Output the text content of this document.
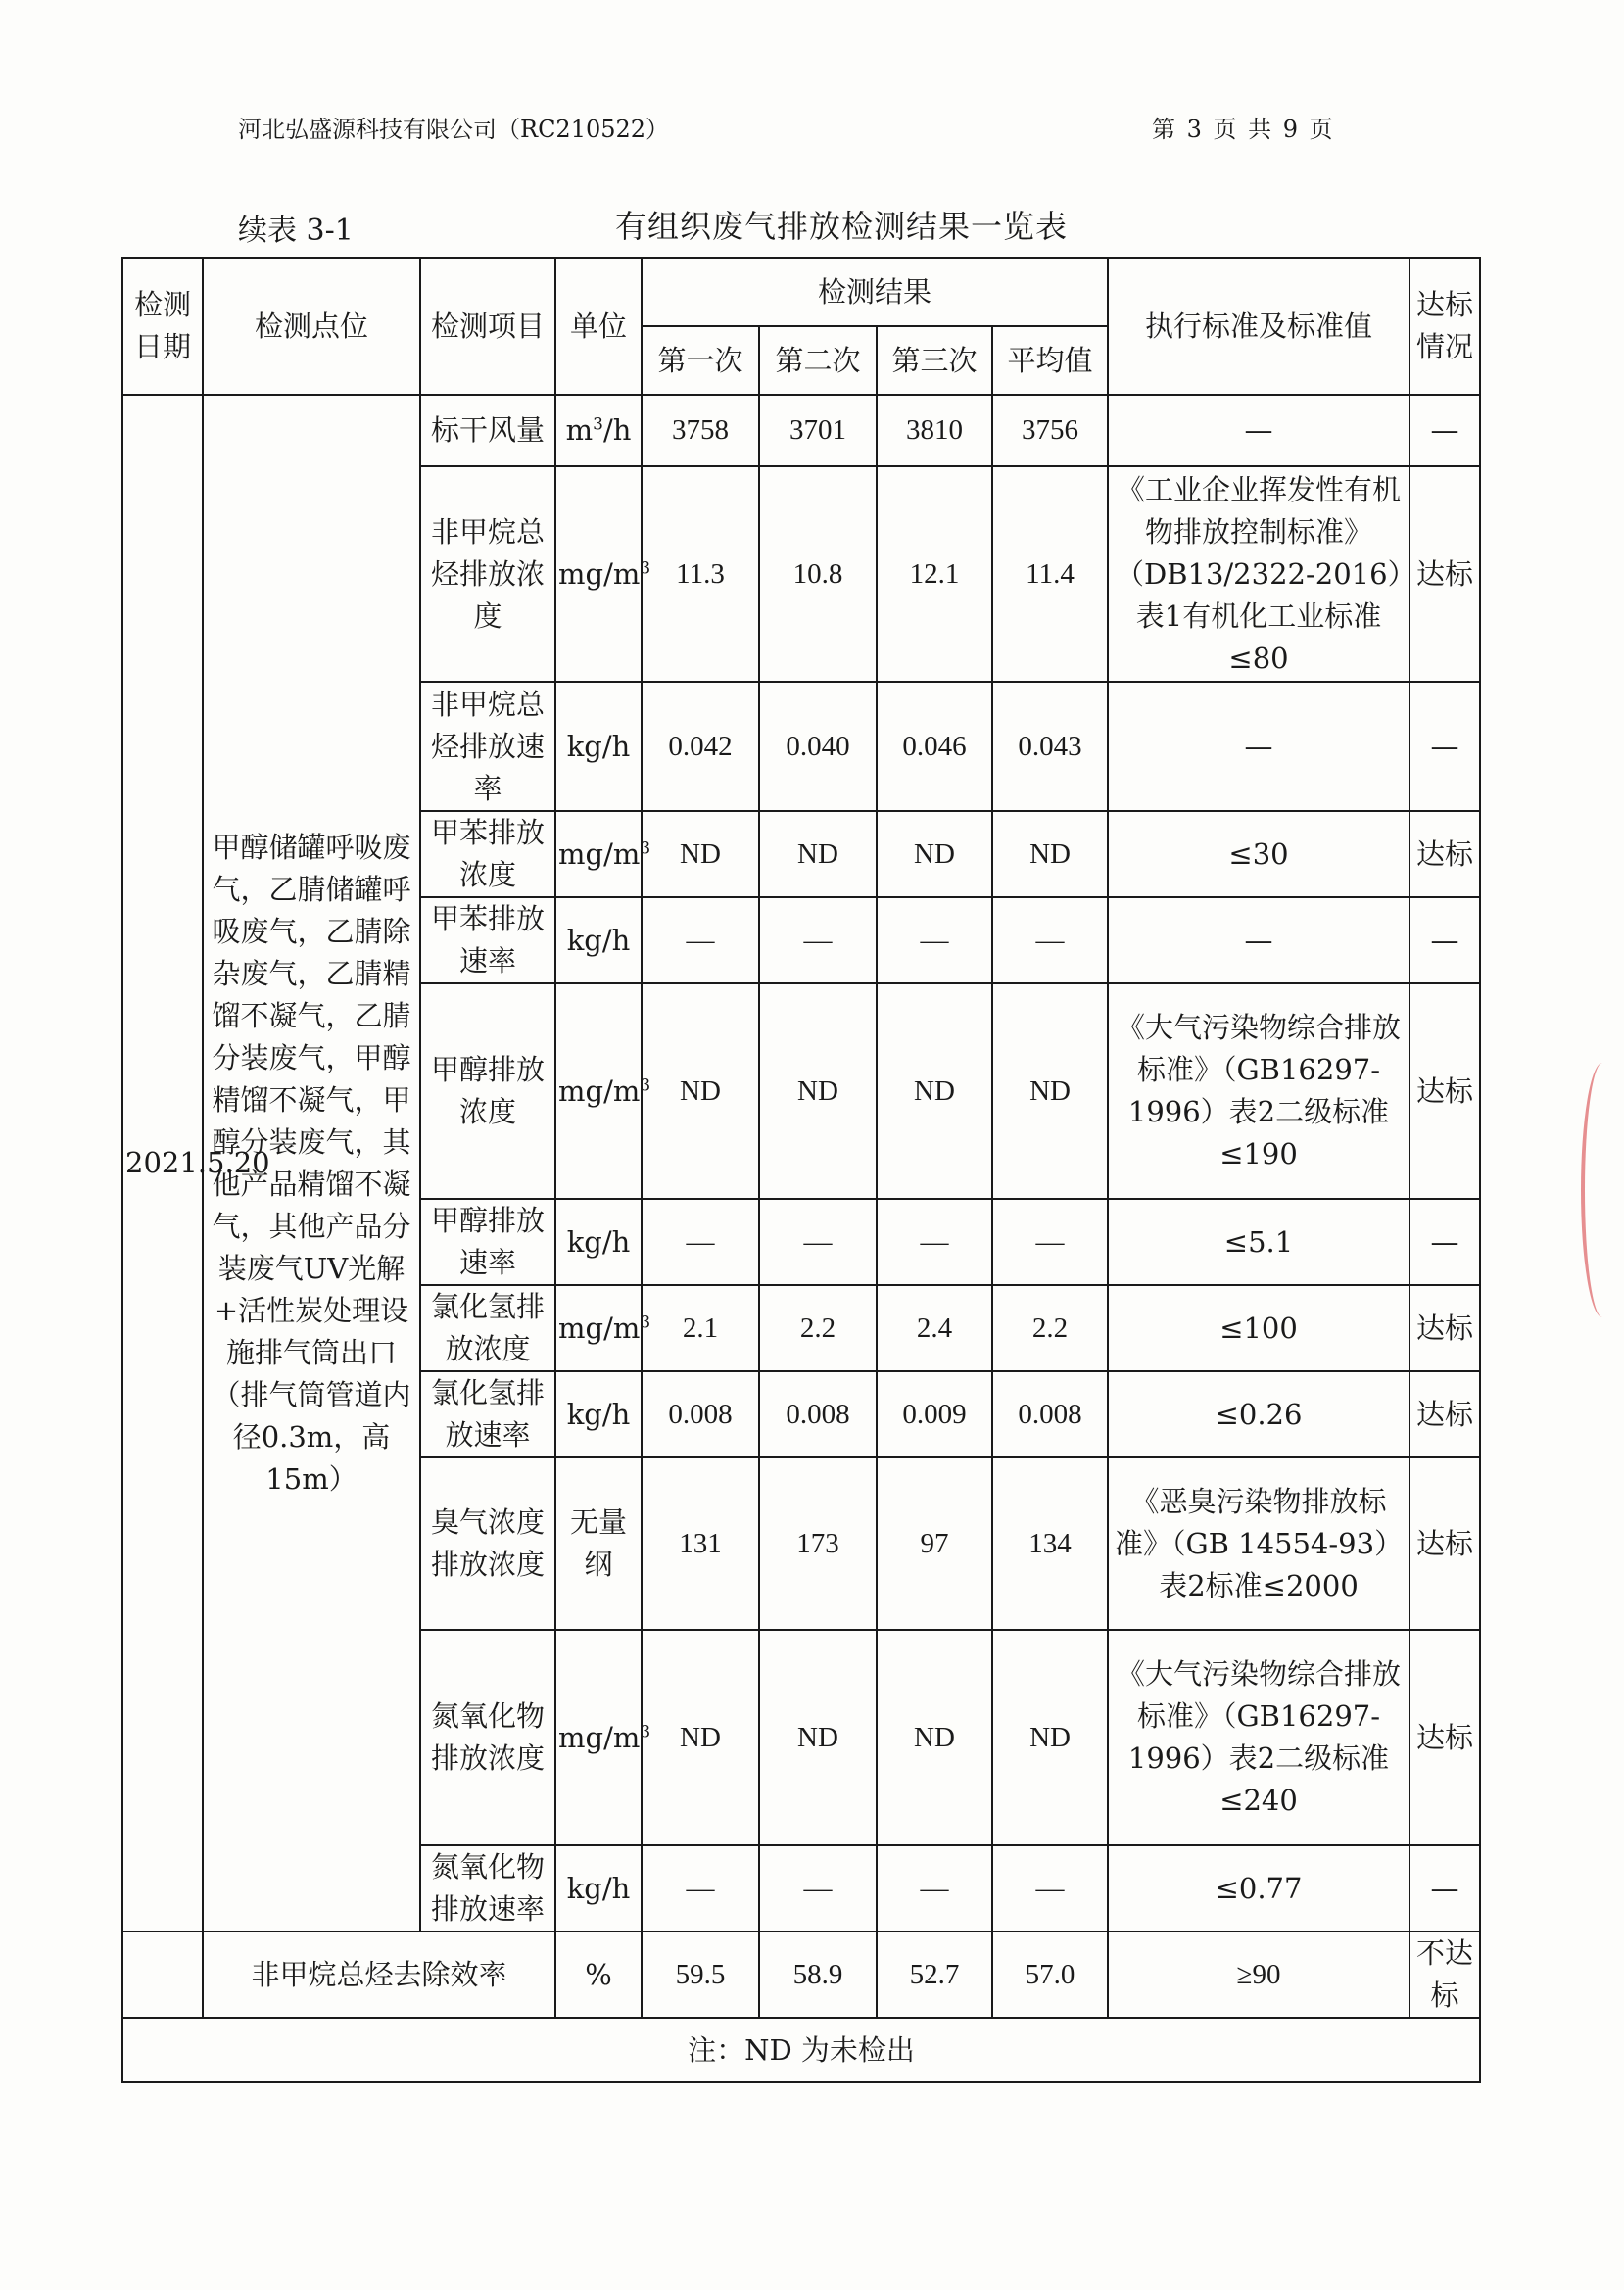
河北弘盛源科技有限公司（RC210522）	第 3 页 共 9 页
续表 3-1	有组织废气排放检测结果一览表
检测日期	检测点位	检测项目	单位	检测结果				执行标准及标准值	达标情况
				第一次	第二次	第三次	平均值		
2021.5.20	甲醇储罐呼吸废气，乙腈储罐呼吸废气，乙腈除杂废气，乙腈精馏不凝气，乙腈分装废气，甲醇精馏不凝气，甲醇分装废气，其他产品精馏不凝气，其他产品分装废气UV光解+活性炭处理设施排气筒出口（排气筒管道内径0.3m，高15m）	标干风量	$m^3/h$	3758	3701	3810	3756	—	—
		非甲烷总烃排放浓度	$mg/m^3$	11.3	10.8	12.1	11.4	《工业企业挥发性有机物排放控制标准》（DB13/2322-2016）表1有机化工业标准≤80	达标
		非甲烷总烃排放速率	kg/h	0.042	0.040	0.046	0.043	—	—
		甲苯排放浓度	$mg/m^3$	ND	ND	ND	ND	≤30	达标
		甲苯排放速率	kg/h	—	—	—	—	—	—
		甲醇排放浓度	$mg/m^3$	ND	ND	ND	ND	《大气污染物综合排放标准》（GB16297-1996）表2二级标准≤190	达标
		甲醇排放速率	kg/h	—	—	—	—	≤5.1	—
		氯化氢排放浓度	$mg/m^3$	2.1	2.2	2.4	2.2	≤100	达标
		氯化氢排放速率	kg/h	0.008	0.008	0.009	0.008	≤0.26	达标
		臭气浓度排放浓度	无量纲	131	173	97	134	《恶臭污染物排放标准》（GB 14554-93）表2标准≤2000	达标
		氮氧化物排放浓度	$mg/m^3$	ND	ND	ND	ND	《大气污染物综合排放标准》（GB16297-1996）表2二级标准≤240	达标
		氮氧化物排放速率	kg/h	—	—	—	—	≤0.77	—
	非甲烷总烃去除效率		%	59.5	58.9	52.7	57.0	≥90	不达标
注：ND 为未检出									
